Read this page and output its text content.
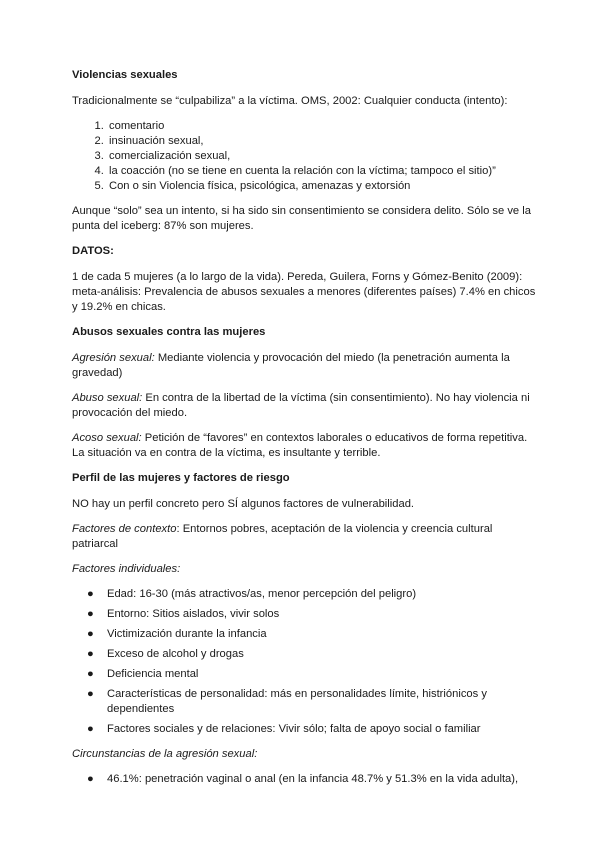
Violencias sexuales

Tradicionalmente se “culpabiliza” a la víctima. OMS, 2002: Cualquier conducta (intento):

1. comentario
2. insinuación sexual,
3. comercialización sexual,
4. la coacción (no se tiene en cuenta la relación con la víctima; tampoco el sitio)”
5. Con o sin Violencia física, psicológica, amenazas y extorsión

Aunque “solo” sea un intento, si ha sido sin consentimiento se considera delito. Sólo se ve la punta del iceberg: 87% son mujeres.

DATOS:

1 de cada 5 mujeres (a lo largo de la vida). Pereda, Guilera, Forns y Gómez-Benito (2009): meta-análisis: Prevalencia de abusos sexuales a menores (diferentes países) 7.4% en chicos y 19.2% en chicas.

Abusos sexuales contra las mujeres

Agresión sexual: Mediante violencia y provocación del miedo (la penetración aumenta la gravedad)

Abuso sexual: En contra de la libertad de la víctima (sin consentimiento). No hay violencia ni provocación del miedo.

Acoso sexual: Petición de “favores” en contextos laborales o educativos de forma repetitiva. La situación va en contra de la víctima, es insultante y terrible.

Perfil de las mujeres y factores de riesgo

NO hay un perfil concreto pero SÍ algunos factores de vulnerabilidad.

Factores de contexto: Entornos pobres, aceptación de la violencia y creencia cultural patriarcal

Factores individuales:

● Edad: 16-30 (más atractivos/as, menor percepción del peligro)
● Entorno: Sitios aislados, vivir solos
● Victimización durante la infancia
● Exceso de alcohol y drogas
● Deficiencia mental
● Características de personalidad: más en personalidades límite, histriónicos y dependientes
● Factores sociales y de relaciones: Vivir sólo; falta de apoyo social o familiar

Circunstancias de la agresión sexual:

● 46.1%: penetración vaginal o anal (en la infancia 48.7% y 51.3% en la vida adulta),
